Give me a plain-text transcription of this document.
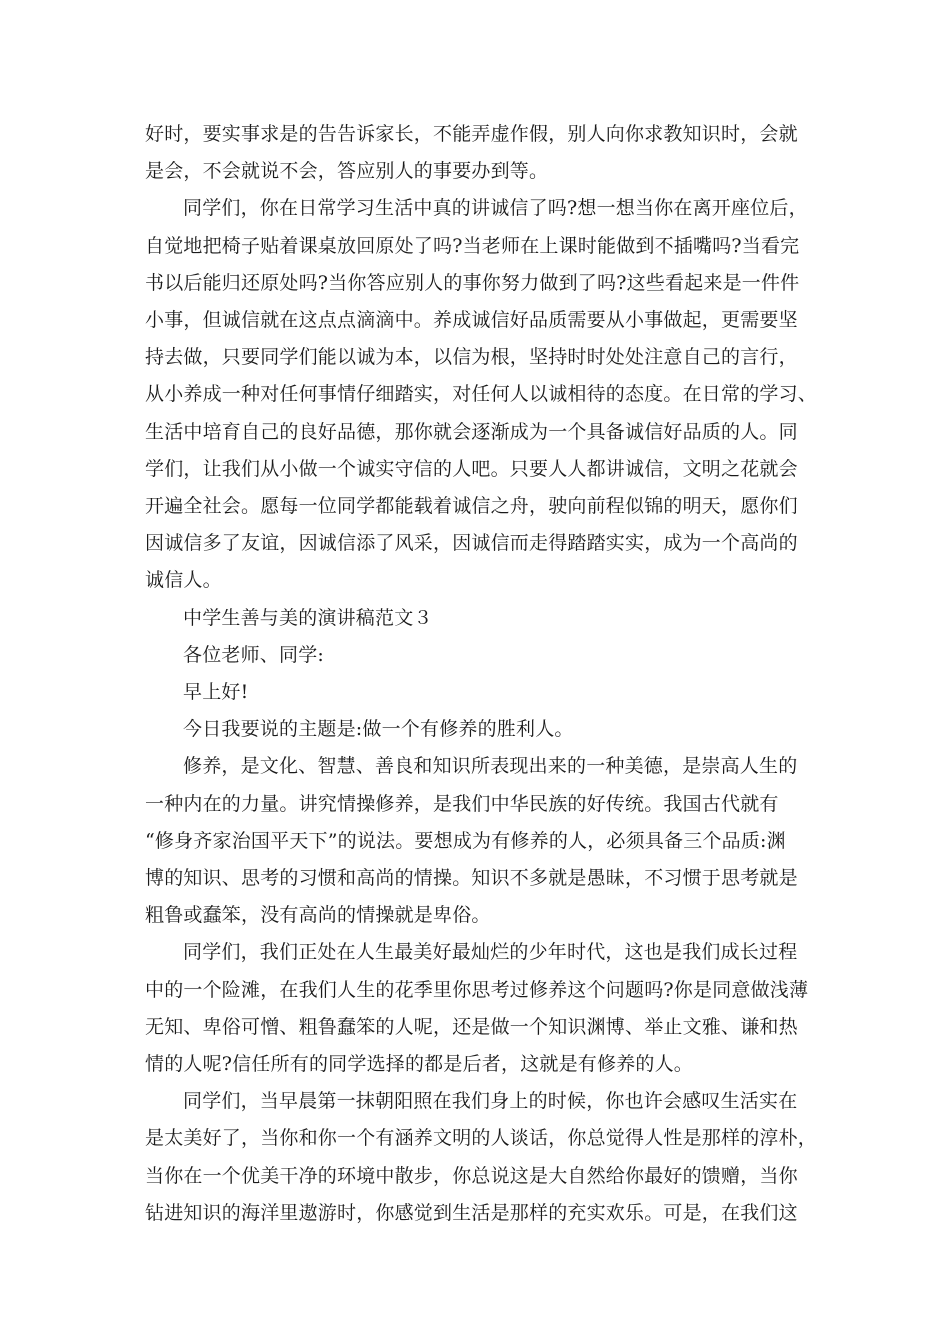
好时，要实事求是的告告诉家长，不能弄虚作假，别人向你求教知识时，会就
是会，不会就说不会，答应别人的事要办到等。

同学们，你在日常学习生活中真的讲诚信了吗?想一想当你在离开座位后，
自觉地把椅子贴着课桌放回原处了吗?当老师在上课时能做到不插嘴吗?当看完
书以后能归还原处吗?当你答应别人的事你努力做到了吗?这些看起来是一件件
小事，但诚信就在这点点滴滴中。养成诚信好品质需要从小事做起，更需要坚
持去做，只要同学们能以诚为本，以信为根，坚持时时处处注意自己的言行，
从小养成一种对任何事情仔细踏实，对任何人以诚相待的态度。在日常的学习、
生活中培育自己的良好品德，那你就会逐渐成为一个具备诚信好品质的人。同
学们，让我们从小做一个诚实守信的人吧。只要人人都讲诚信，文明之花就会
开遍全社会。愿每一位同学都能载着诚信之舟，驶向前程似锦的明天，愿你们
因诚信多了友谊，因诚信添了风采，因诚信而走得踏踏实实，成为一个高尚的
诚信人。

中学生善与美的演讲稿范文３

各位老师、同学:

早上好!

今日我要说的主题是:做一个有修养的胜利人。

修养，是文化、智慧、善良和知识所表现出来的一种美德，是崇高人生的
一种内在的力量。讲究情操修养，是我们中华民族的好传统。我国古代就有
“修身齐家治国平天下”的说法。要想成为有修养的人，必须具备三个品质:渊
博的知识、思考的习惯和高尚的情操。知识不多就是愚昧，不习惯于思考就是
粗鲁或蠢笨，没有高尚的情操就是卑俗。

同学们，我们正处在人生最美好最灿烂的少年时代，这也是我们成长过程
中的一个险滩，在我们人生的花季里你思考过修养这个问题吗?你是同意做浅薄
无知、卑俗可憎、粗鲁蠢笨的人呢，还是做一个知识渊博、举止文雅、谦和热
情的人呢?信任所有的同学选择的都是后者，这就是有修养的人。

同学们，当早晨第一抹朝阳照在我们身上的时候，你也许会感叹生活实在
是太美好了，当你和你一个有涵养文明的人谈话，你总觉得人性是那样的淳朴，
当你在一个优美干净的环境中散步，你总说这是大自然给你最好的馈赠，当你
钻进知识的海洋里遨游时，你感觉到生活是那样的充实欢乐。可是，在我们这
